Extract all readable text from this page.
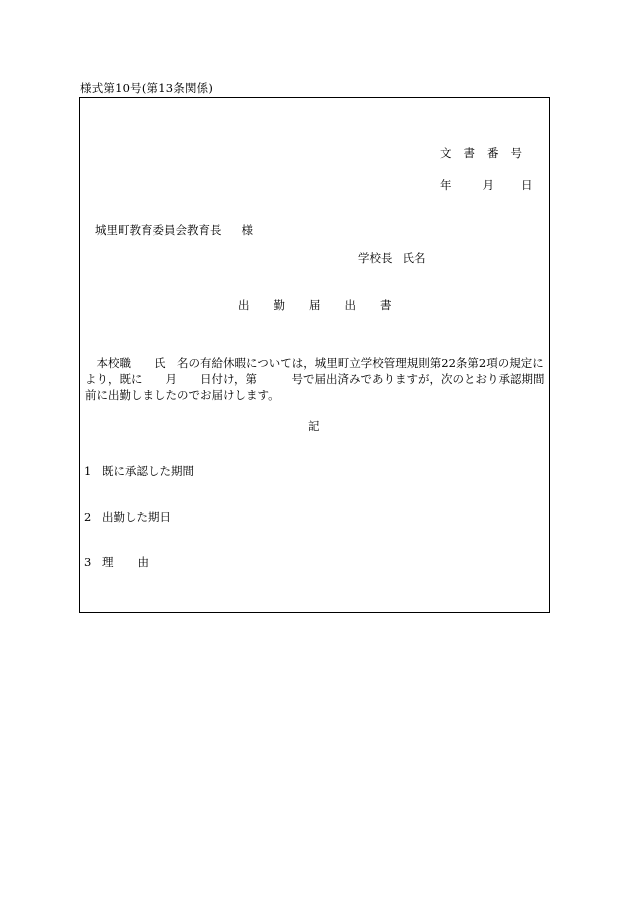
様式第10号(第13条関係)
文書番号
年	月 日
城里町教育委員会教育長 様
学校長 氏名
出 勤 届 出 書

　本校職　　氏　名の有給休暇については，城里町立学校管理規則第22条第2項の規定に

より，既に　　月　　日付け，第　　　号で届出済みでありますが，次のとおり承認期間

前に出勤しましたのでお届けします。

記
1 既に承認した期間
2 出勤した期日
3 理 由
